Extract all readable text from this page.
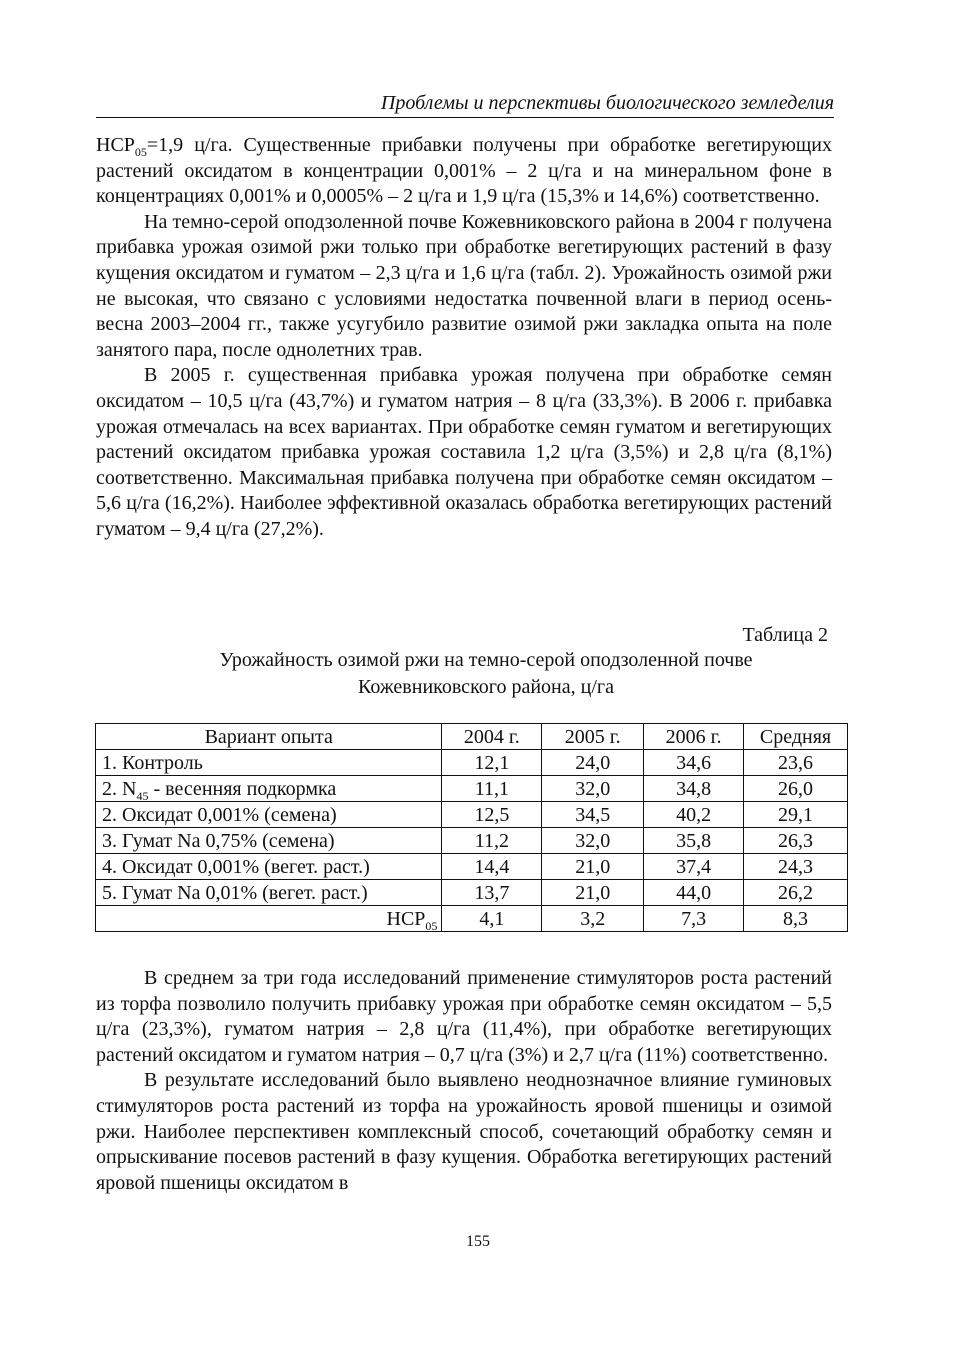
Проблемы и перспективы биологического земледелия

$НСР_{05}=1,9$ ц/га. Существенные прибавки получены при обработке вегетирующих растений оксидатом в концентрации 0,001% – 2 ц/га и на минеральном фоне в концентрациях 0,001% и 0,0005% – 2 ц/га и 1,9 ц/га (15,3% и 14,6%) соответственно.

На темно-серой оподзоленной почве Кожевниковского района в 2004 г получена прибавка урожая озимой ржи только при обработке вегетирующих растений в фазу кущения оксидатом и гуматом – 2,3 ц/га и 1,6 ц/га (табл. 2). Урожайность озимой ржи не высокая, что связано с условиями недостатка почвенной влаги в период осень-весна 2003–2004 гг., также усугубило развитие озимой ржи закладка опыта на поле занятого пара, после однолетних трав.

В 2005 г. существенная прибавка урожая получена при обработке семян оксидатом – 10,5 ц/га (43,7%) и гуматом натрия – 8 ц/га (33,3%). В 2006 г. прибавка урожая отмечалась на всех вариантах. При обработке семян гуматом и вегетирующих растений оксидатом прибавка урожая составила 1,2 ц/га (3,5%) и 2,8 ц/га (8,1%) соответственно. Максимальная прибавка получена при обработке семян оксидатом – 5,6 ц/га (16,2%). Наиболее эффективной оказалась обработка вегетирующих растений гуматом – 9,4 ц/га (27,2%).

Таблица 2
Урожайность озимой ржи на темно-серой оподзоленной почве
Кожевниковского района, ц/га
Вариант опыта	2004 г.	2005 г.	2006 г.	Средняя
1. Контроль	12,1	24,0	34,6	23,6
2. $N_{45}$ - весенняя подкормка	11,1	32,0	34,8	26,0
2. Оксидат 0,001% (семена)	12,5	34,5	40,2	29,1
3. Гумат Na 0,75% (семена)	11,2	32,0	35,8	26,3
4. Оксидат 0,001% (вегет. раст.)	14,4	21,0	37,4	24,3
5. Гумат Na 0,01% (вегет. раст.)	13,7	21,0	44,0	26,2
$НСР_{05}$	4,1	3,2	7,3	8,3

В среднем за три года исследований применение стимуляторов роста растений из торфа позволило получить прибавку урожая при обработке семян оксидатом – 5,5 ц/га (23,3%), гуматом натрия – 2,8 ц/га (11,4%), при обработке вегетирующих растений оксидатом и гуматом натрия – 0,7 ц/га (3%) и 2,7 ц/га (11%) соответственно.

В результате исследований было выявлено неоднозначное влияние гуминовых стимуляторов роста растений из торфа на урожайность яровой пшеницы и озимой ржи. Наиболее перспективен комплексный способ, сочетающий обработку семян и опрыскивание посевов растений в фазу кущения. Обработка вегетирующих растений яровой пшеницы оксидатом в

155
